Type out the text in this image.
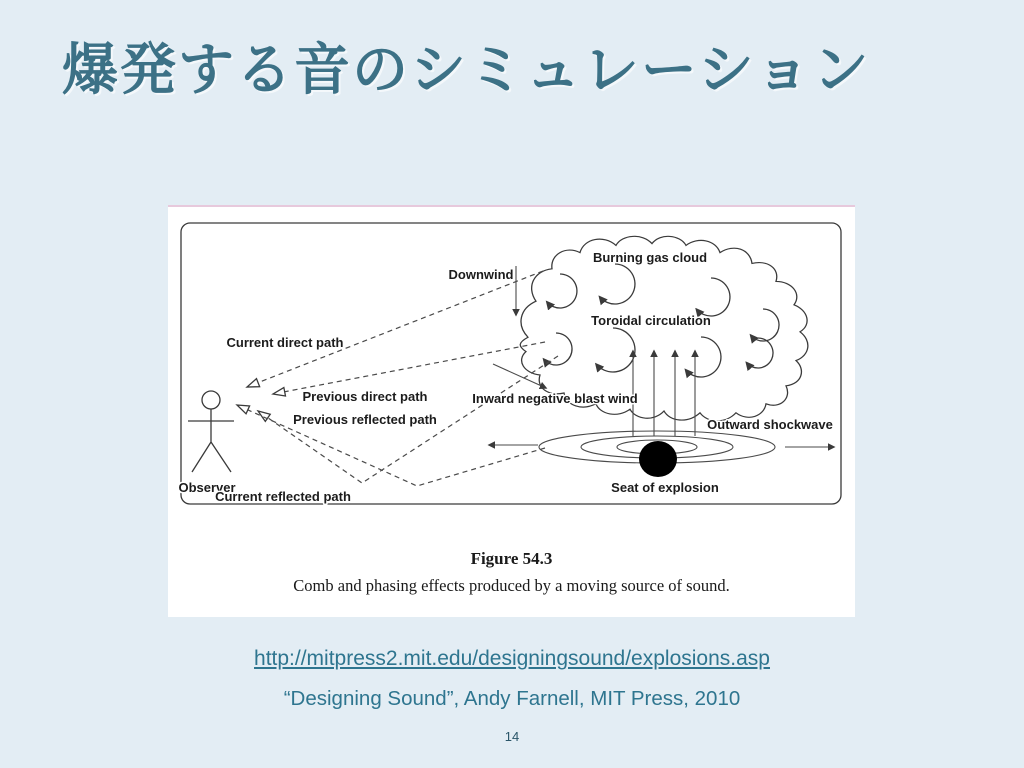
爆発する音のシミュレーション
Burning gas cloud
Toroidal circulation
Downwind
Current direct path
Previous direct path
Previous reflected path
Inward negative blast wind
Outward shockwave
Observer
Current reflected path
Seat of explosion
Figure 54.3
Comb and phasing effects produced by a moving source of sound.
http://mitpress2.mit.edu/designingsound/explosions.asp
“Designing Sound”, Andy Farnell, MIT Press, 2010
14
